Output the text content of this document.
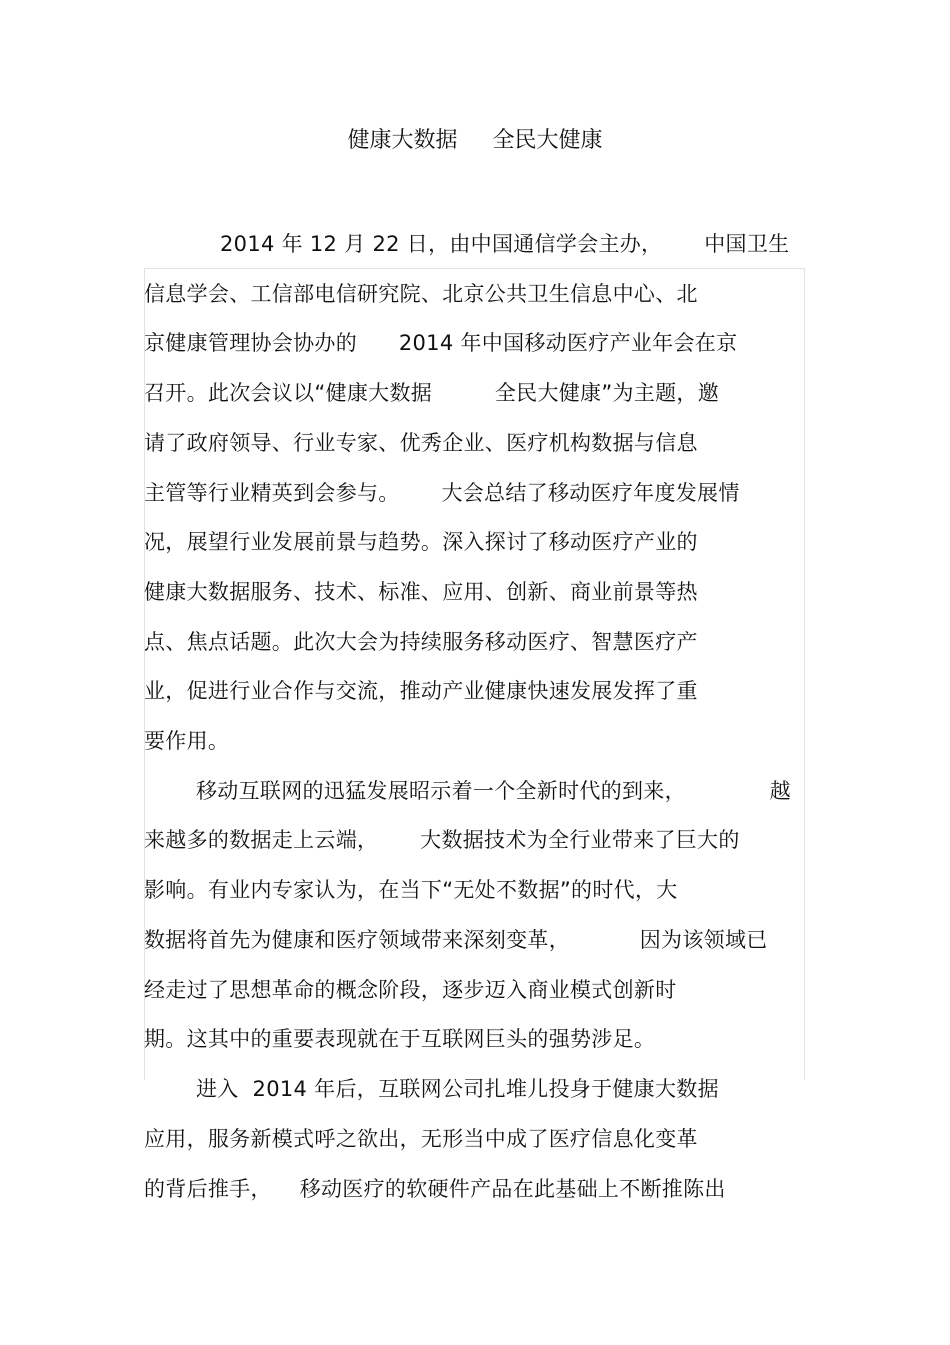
健康大数据     全民大健康
2014 年 12 月 22 日，由中国通信学会主办，      中国卫生
信息学会、工信部电信研究院、北京公共卫生信息中心、北
京健康管理协会协办的      2014 年中国移动医疗产业年会在京
召开。此次会议以“健康大数据         全民大健康”为主题，邀
请了政府领导、行业专家、优秀企业、医疗机构数据与信息
主管等行业精英到会参与。      大会总结了移动医疗年度发展情
况，展望行业发展前景与趋势。深入探讨了移动医疗产业的
健康大数据服务、技术、标准、应用、创新、商业前景等热
点、焦点话题。此次大会为持续服务移动医疗、智慧医疗产
业，促进行业合作与交流，推动产业健康快速发展发挥了重
要作用。
移动互联网的迅猛发展昭示着一个全新时代的到来，            越
来越多的数据走上云端，      大数据技术为全行业带来了巨大的
影响。有业内专家认为，在当下“无处不数据”的时代，大
数据将首先为健康和医疗领域带来深刻变革，          因为该领域已
经走过了思想革命的概念阶段，逐步迈入商业模式创新时
期。这其中的重要表现就在于互联网巨头的强势涉足。
进入  2014 年后，互联网公司扎堆儿投身于健康大数据
应用，服务新模式呼之欲出，无形当中成了医疗信息化变革
的背后推手，    移动医疗的软硬件产品在此基础上不断推陈出
